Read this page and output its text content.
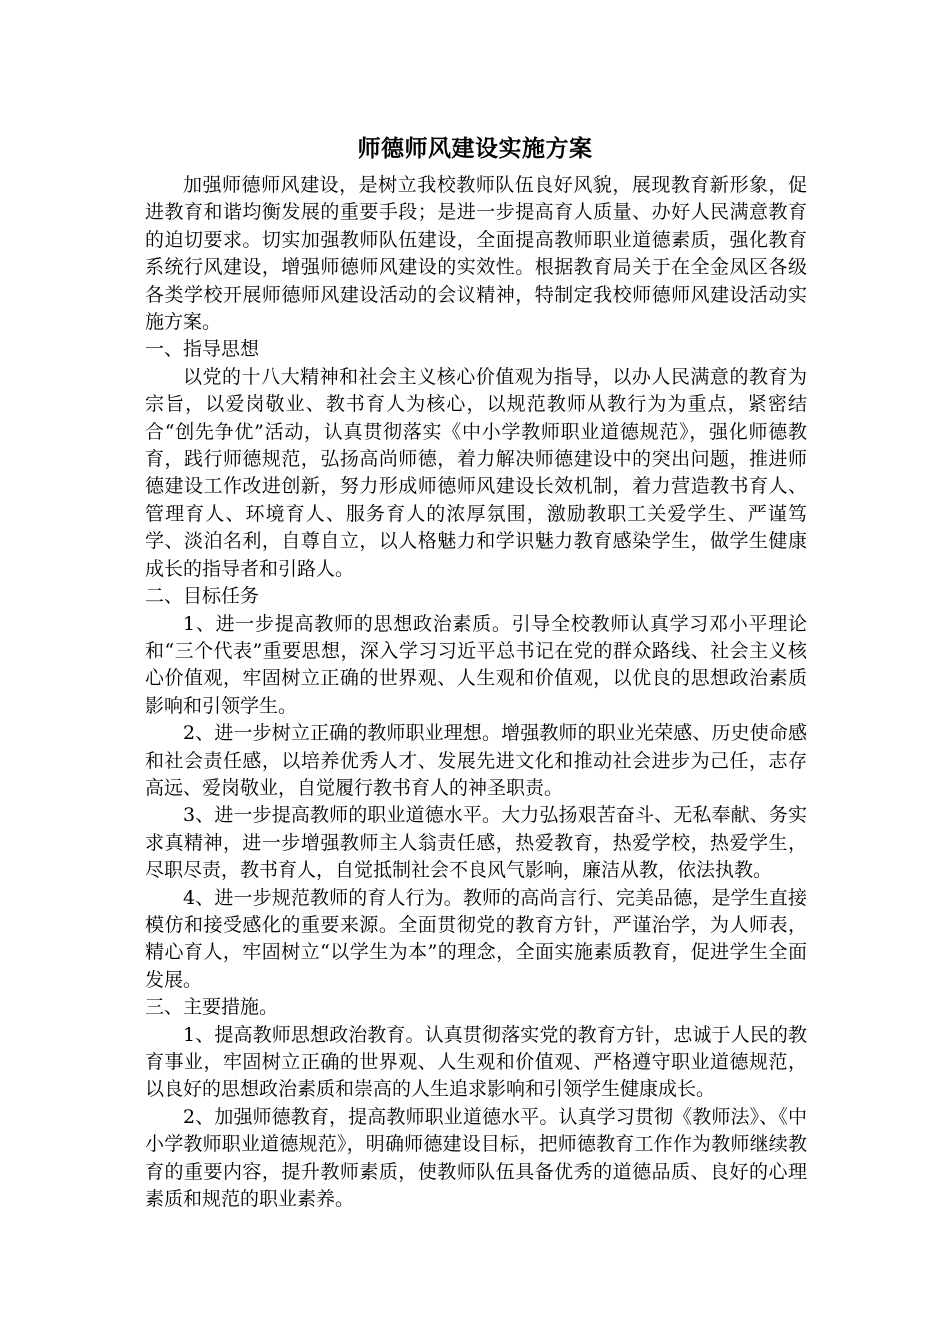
师德师风建设实施方案

加强师德师风建设，是树立我校教师队伍良好风貌，展现教育新形象，促进教育和谐均衡发展的重要手段；是进一步提高育人质量、办好人民满意教育的迫切要求。切实加强教师队伍建设，全面提高教师职业道德素质，强化教育系统行风建设，增强师德师风建设的实效性。根据教育局关于在全金凤区各级各类学校开展师德师风建设活动的会议精神，特制定我校师德师风建设活动实施方案。

一、指导思想

以党的十八大精神和社会主义核心价值观为指导，以办人民满意的教育为宗旨，以爱岗敬业、教书育人为核心，以规范教师从教行为为重点，紧密结合“创先争优”活动，认真贯彻落实《中小学教师职业道德规范》，强化师德教育，践行师德规范，弘扬高尚师德，着力解决师德建设中的突出问题，推进师德建设工作改进创新，努力形成师德师风建设长效机制，着力营造教书育人、管理育人、环境育人、服务育人的浓厚氛围，激励教职工关爱学生、严谨笃学、淡泊名利，自尊自立，以人格魅力和学识魅力教育感染学生，做学生健康成长的指导者和引路人。

二、目标任务

1、进一步提高教师的思想政治素质。引导全校教师认真学习邓小平理论和“三个代表”重要思想，深入学习习近平总书记在党的群众路线、社会主义核心价值观，牢固树立正确的世界观、人生观和价值观，以优良的思想政治素质影响和引领学生。

2、进一步树立正确的教师职业理想。增强教师的职业光荣感、历史使命感和社会责任感，以培养优秀人才、发展先进文化和推动社会进步为己任，志存高远、爱岗敬业，自觉履行教书育人的神圣职责。

3、进一步提高教师的职业道德水平。大力弘扬艰苦奋斗、无私奉献、务实求真精神，进一步增强教师主人翁责任感，热爱教育，热爱学校，热爱学生，尽职尽责，教书育人，自觉抵制社会不良风气影响，廉洁从教，依法执教。

4、进一步规范教师的育人行为。教师的高尚言行、完美品德，是学生直接模仿和接受感化的重要来源。全面贯彻党的教育方针，严谨治学，为人师表，精心育人，牢固树立“以学生为本”的理念，全面实施素质教育，促进学生全面发展。

三、主要措施。

1、提高教师思想政治教育。认真贯彻落实党的教育方针，忠诚于人民的教育事业，牢固树立正确的世界观、人生观和价值观、严格遵守职业道德规范，以良好的思想政治素质和崇高的人生追求影响和引领学生健康成长。

2、加强师德教育，提高教师职业道德水平。认真学习贯彻《教师法》、《中小学教师职业道德规范》，明确师德建设目标，把师德教育工作作为教师继续教育的重要内容，提升教师素质，使教师队伍具备优秀的道德品质、良好的心理素质和规范的职业素养。
